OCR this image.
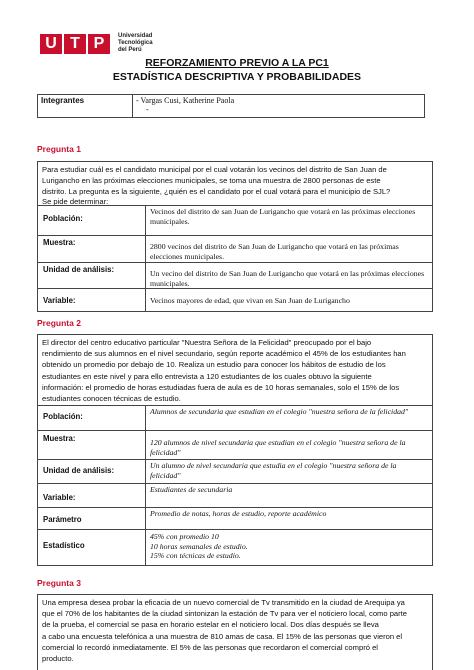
U T P	Universidad
Tecnológica
del Perú
REFORZAMIENTO PREVIO A LA PC1
ESTADÍSTICA DESCRIPTIVA Y PROBABILIDADES
Integrantes	- Vargas Cusi, Katherine Paola
-
Pregunta 1
Para estudiar cuál es el candidato municipal por el cual votarán los vecinos del distrito de San Juan de
Lurigancho en las próximas elecciones municipales, se toma una muestra de 2800 personas de este
distrito. La pregunta es la siguiente, ¿quién es el candidato por el cual votará para el municipio de SJL?
Se pide determinar:
Población:
Vecinos del distrito de san Juan de Lurigancho que votará en las próximas elecciones municipales.
Muestra:	2800 vecinos del distrito de San Juan de Lurigancho que votará en las próximas elecciones municipales.
Unidad de análisis:	Un vecino del distrito de San Juan de Lurigancho que votará en las próximas elecciones municipales.
Variable:	Vecinos mayores de edad, que vivan en San Juan de Lurigancho
Pregunta 2
El director del centro educativo particular "Nuestra Señora de la Felicidad" preocupado por el bajo
rendimiento de sus alumnos en el nivel secundario, según reporte académico el 45% de los estudiantes han
obtenido un promedio por debajo de 10. Realiza un estudio para conocer los hábitos de estudio de los
estudiantes en este nivel y para ello entrevista a 120 estudiantes de los cuales obtuvo la siguiente
información: el promedio de horas estudiadas fuera de aula es de 10 horas semanales, solo el 15% de los
estudiantes conocen técnicas de estudio.
Población:
Alumnos de secundaria que estudian en el colegio "nuestra señora de la felicidad"
Muestra:	120 alumnos de nivel secundaria que estudian en el colegio "nuestra señora de la felicidad"
Unidad de análisis:
Un alumno de nivel secundaria que estudia en el colegio "nuestra señora de la felicidad"
Variable:
Estudiantes de secundaria
Parámetro
Promedio de notas, horas de estudio, reporte académico
Estadístico
45% con promedio 10
10 horas semanales de estudio.
15% con técnicas de estudio.
Pregunta 3
Una empresa desea probar la eficacia de un nuevo comercial de Tv transmitido en la ciudad de Arequipa ya
que el 70% de los habitantes de la ciudad sintonizan la estación de Tv para ver el noticiero local, como parte
de la prueba, el comercial se pasa en horario estelar en el noticiero local. Dos días después se lleva
a cabo una encuesta telefónica a una muestra de 810 amas de casa. El 15% de las personas que vieron el
comercial lo recordó inmediatamente. El 5% de las personas que recordaron el comercial compró el
producto.
